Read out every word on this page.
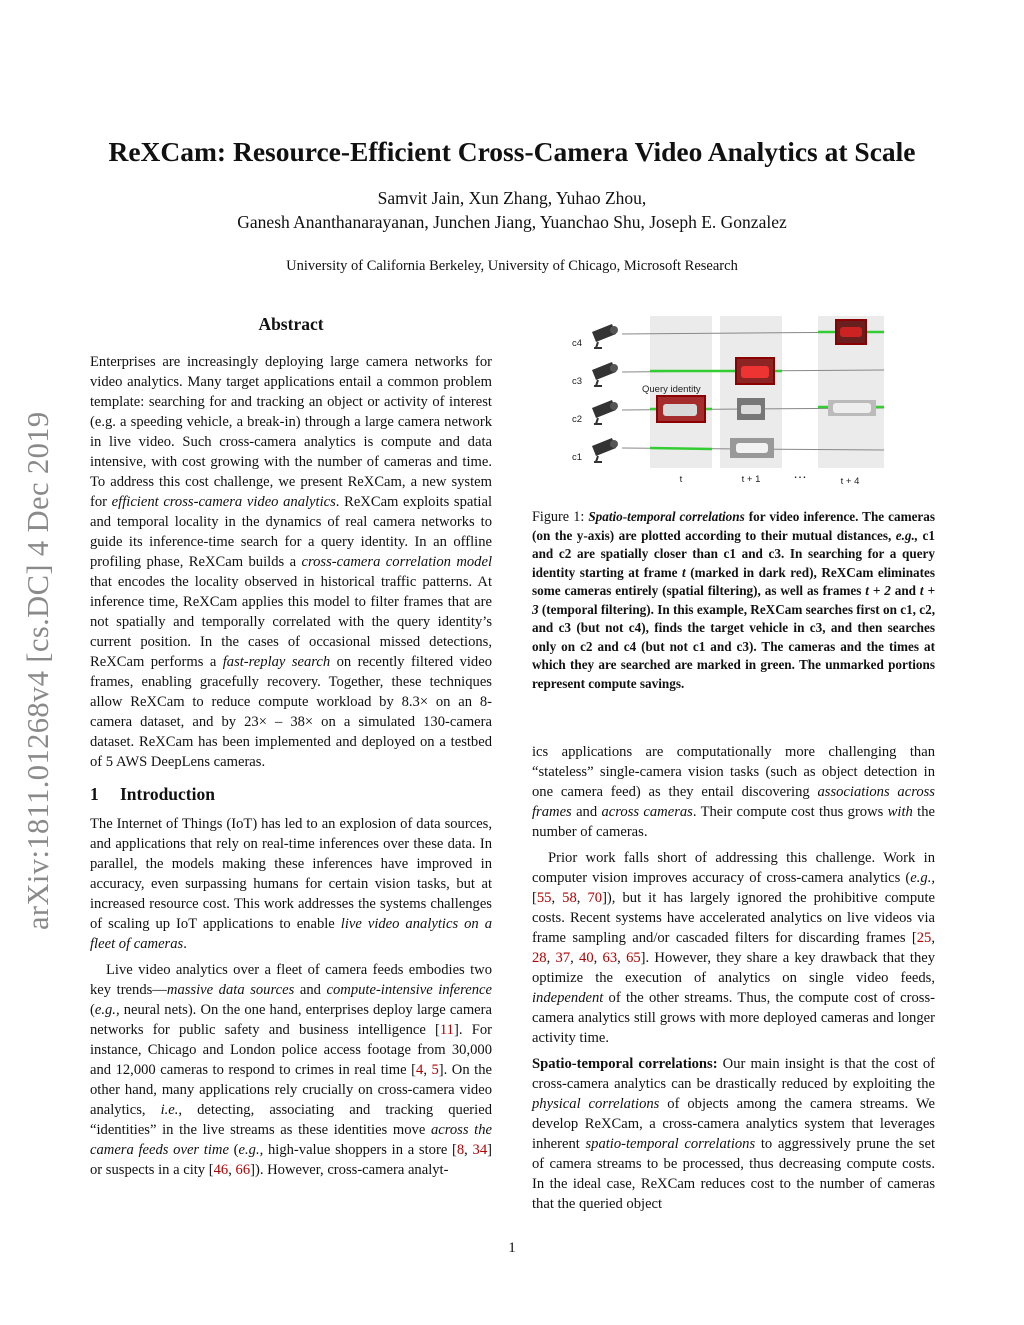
arXiv:1811.01268v4 [cs.DC] 4 Dec 2019
ReXCam: Resource-Efficient Cross-Camera Video Analytics at Scale
Samvit Jain, Xun Zhang, Yuhao Zhou,
Ganesh Ananthanarayanan, Junchen Jiang, Yuanchao Shu, Joseph E. Gonzalez
University of California Berkeley, University of Chicago, Microsoft Research

Abstract

Enterprises are increasingly deploying large camera networks for video analytics. Many target applications entail a common problem template: searching for and tracking an object or activity of interest (e.g. a speeding vehicle, a break-in) through a large camera network in live video. Such cross-camera analytics is compute and data intensive, with cost growing with the number of cameras and time. To address this cost challenge, we present ReXCam, a new system for efficient cross-camera video analytics. ReXCam exploits spatial and temporal locality in the dynamics of real camera networks to guide its inference-time search for a query identity. In an offline profiling phase, ReXCam builds a cross-camera correlation model that encodes the locality observed in historical traffic patterns. At inference time, ReXCam applies this model to filter frames that are not spatially and temporally correlated with the query identity’s current position. In the cases of occasional missed detections, ReXCam performs a fast-replay search on recently filtered video frames, enabling gracefully recovery. Together, these techniques allow ReXCam to reduce compute workload by 8.3× on an 8-camera dataset, and by 23× – 38× on a simulated 130-camera dataset. ReXCam has been implemented and deployed on a testbed of 5 AWS DeepLens cameras.

1 Introduction

The Internet of Things (IoT) has led to an explosion of data sources, and applications that rely on real-time inferences over these data. In parallel, the models making these inferences have improved in accuracy, even surpassing humans for certain vision tasks, but at increased resource cost. This work addresses the systems challenges of scaling up IoT applications to enable live video analytics on a fleet of cameras.

Live video analytics over a fleet of camera feeds embodies two key trends—massive data sources and compute-intensive inference (e.g., neural nets). On the one hand, enterprises deploy large camera networks for public safety and business intelligence [11]. For instance, Chicago and London police access footage from 30,000 and 12,000 cameras to respond to crimes in real time [4, 5]. On the other hand, many applications rely crucially on cross-camera video analytics, i.e., detecting, associating and tracking queried “identities” in the live streams as these identities move across the camera feeds over time (e.g., high-value shoppers in a store [8, 34] or suspects in a city [46, 66]). However, cross-camera analyt-

c4
c3
c2
c1
Query identity
t	t + 1 …
t + 4
Figure 1: Spatio-temporal correlations for video inference. The cameras (on the y-axis) are plotted according to their mutual distances, e.g., c1 and c2 are spatially closer than c1 and c3. In searching for a query identity starting at frame t (marked in dark red), ReXCam eliminates some cameras entirely (spatial filtering), as well as frames t + 2 and t + 3 (temporal filtering). In this example, ReXCam searches first on c1, c2, and c3 (but not c4), finds the target vehicle in c3, and then searches only on c2 and c4 (but not c1 and c3). The cameras and the times at which they are searched are marked in green. The unmarked portions represent compute savings.

ics applications are computationally more challenging than “stateless” single-camera vision tasks (such as object detection in one camera feed) as they entail discovering associations across frames and across cameras. Their compute cost thus grows with the number of cameras.

Prior work falls short of addressing this challenge. Work in computer vision improves accuracy of cross-camera analytics (e.g., [55, 58, 70]), but it has largely ignored the prohibitive compute costs. Recent systems have accelerated analytics on live videos via frame sampling and/or cascaded filters for discarding frames [25, 28, 37, 40, 63, 65]. However, they share a key drawback that they optimize the execution of analytics on single video feeds, independent of the other streams. Thus, the compute cost of cross-camera analytics still grows with more deployed cameras and longer activity time.

Spatio-temporal correlations: Our main insight is that the cost of cross-camera analytics can be drastically reduced by exploiting the physical correlations of objects among the camera streams. We develop ReXCam, a cross-camera analytics system that leverages inherent spatio-temporal correlations to aggressively prune the set of camera streams to be processed, thus decreasing compute costs. In the ideal case, ReXCam reduces cost to the number of cameras that the queried object

1
